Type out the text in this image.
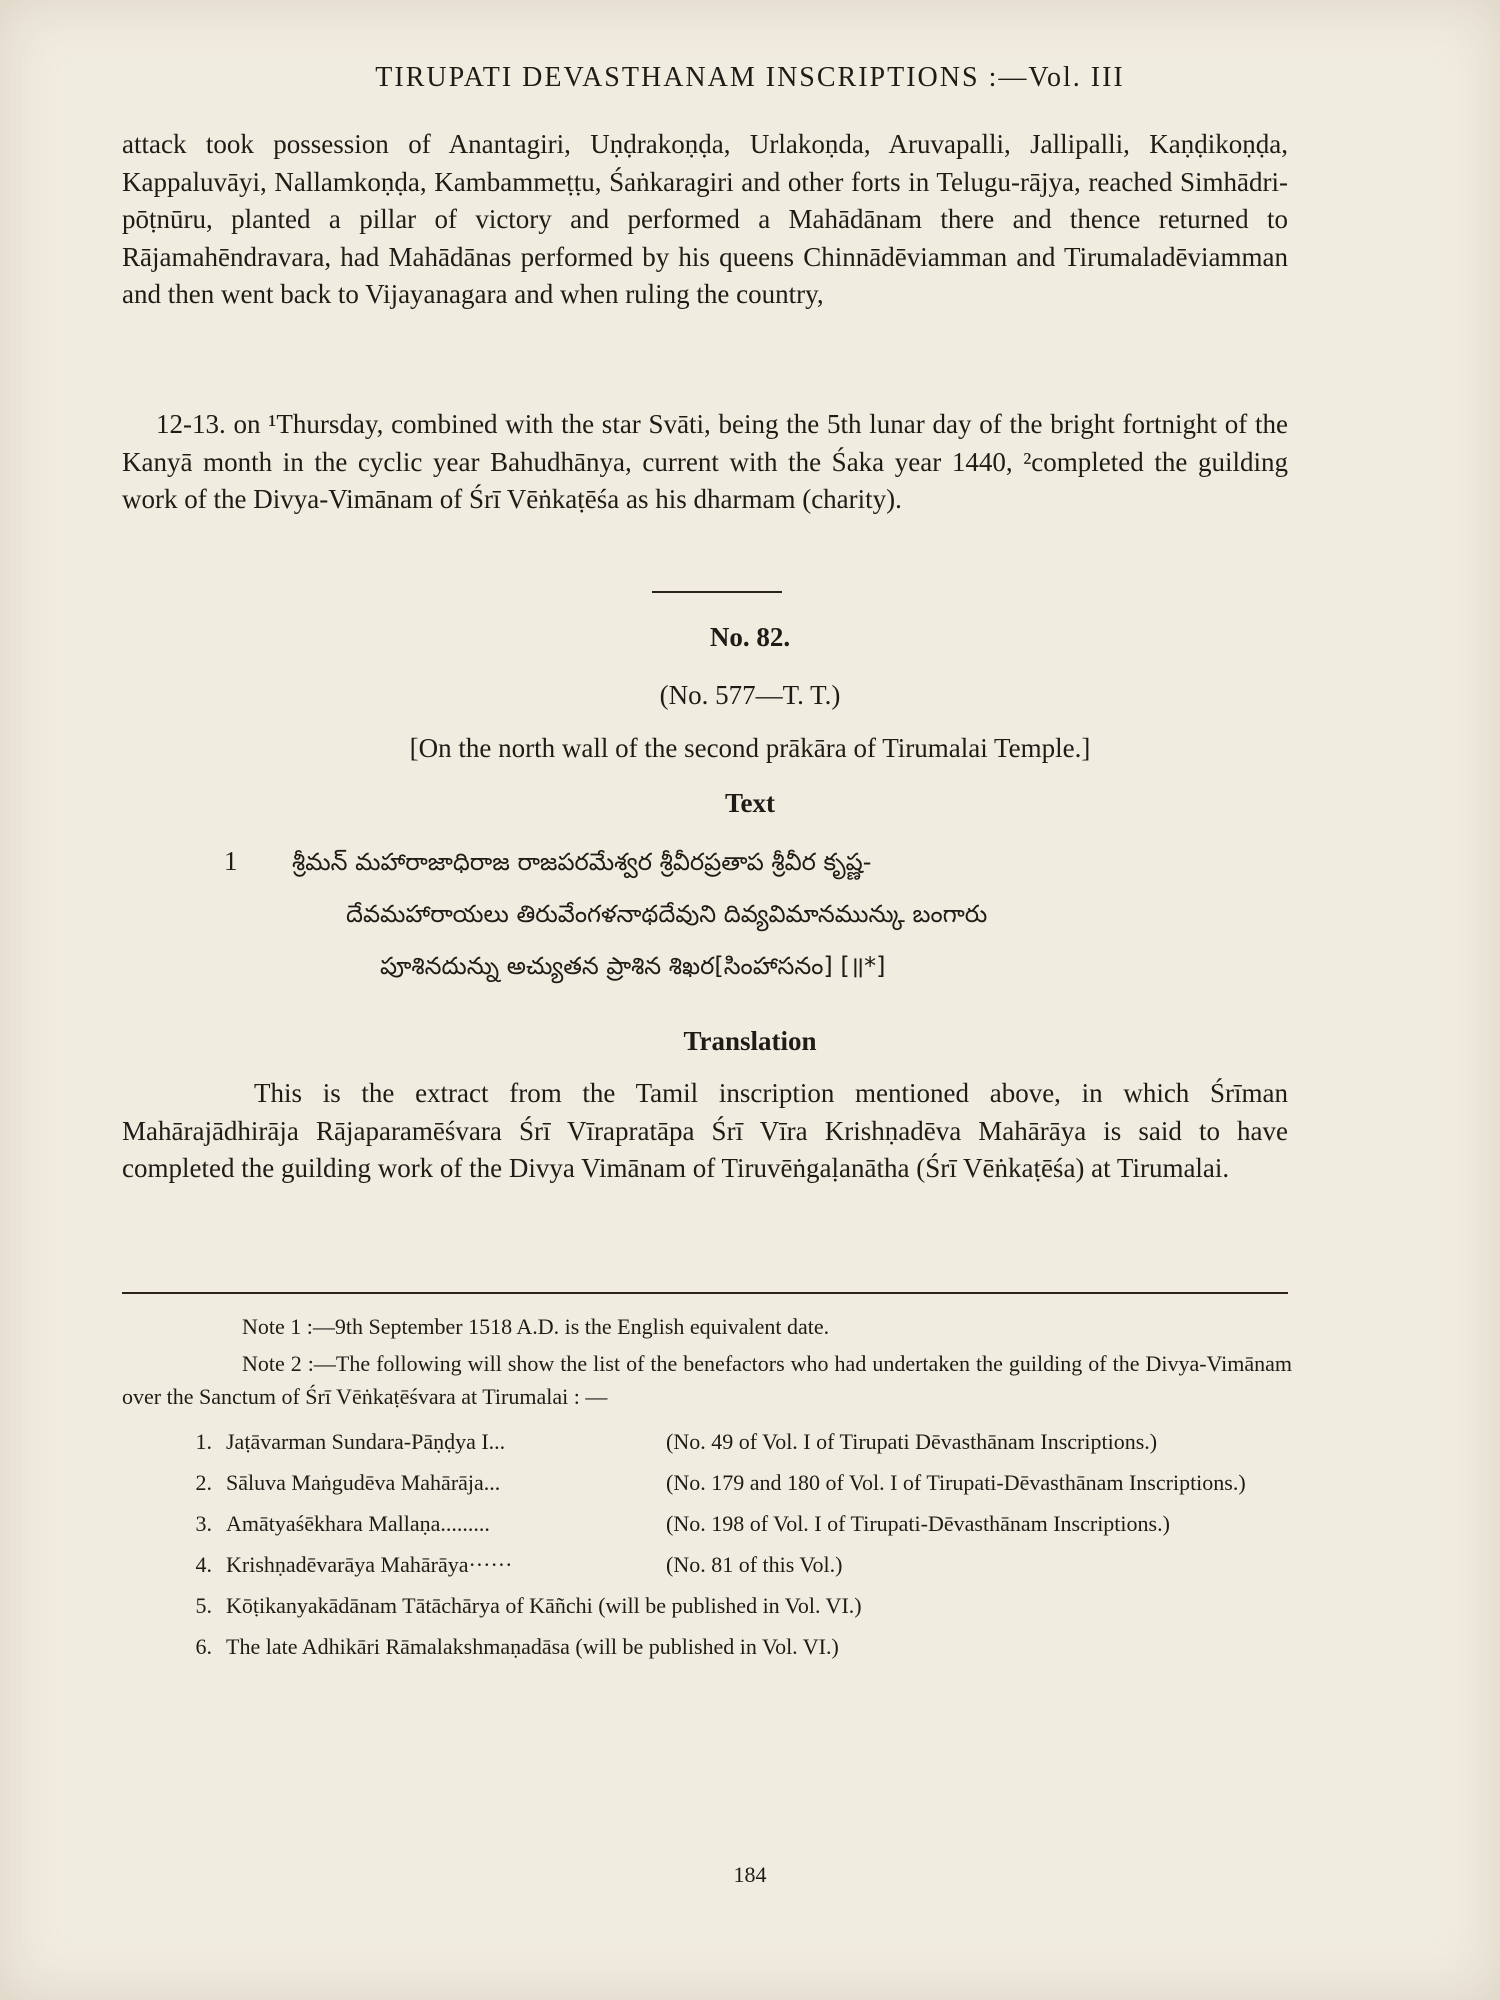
TIRUPATI DEVASTHANAM INSCRIPTIONS :—Vol. III

attack took possession of Anantagiri, Uṇḍrakoṇḍa, Urlakoṇda, Aruvapalli, Jallipalli, Kaṇḍikoṇḍa, Kappaluvāyi, Nallamkoṇḍa, Kambammeṭṭu, Śaṅkaragiri and other forts in Telugu-rājya, reached Simhādri-pōṭnūru, planted a pillar of victory and performed a Mahādānam there and thence returned to Rājamahēndravara, had Mahādānas performed by his queens Chinnādēviamman and Tirumaladēviamman and then went back to Vijayanagara and when ruling the country,

12-13. on ¹Thursday, combined with the star Svāti, being the 5th lunar day of the bright fortnight of the Kanyā month in the cyclic year Bahudhānya, current with the Śaka year 1440, ²completed the guilding work of the Divya-Vimānam of Śrī Vēṅkaṭēśa as his dharmam (charity).

No. 82.
(No. 577—T. T.)
[On the north wall of the second prākāra of Tirumalai Temple.]
Text
1 శ్రీమన్ మహారాజాధిరాజ రాజపరమేశ్వర శ్రీవీరప్రతాప శ్రీవీర కృష్ణ-
దేవమహారాయలు తిరువేంగళనాథదేవుని దివ్యవిమానమున్కు బంగారు
పూశినదున్ను అచ్యుతన ప్రాశిన శిఖర[సింహాసనం] [॥*]
Translation

This is the extract from the Tamil inscription mentioned above, in which Śrīman Mahārajādhirāja Rājaparamēśvara Śrī Vīrapratāpa Śrī Vīra Krishṇadēva Mahārāya is said to have completed the guilding work of the Divya Vimānam of Tiruvēṅgaḷanātha (Śrī Vēṅkaṭēśa) at Tirumalai.

Note 1 :—9th September 1518 A.D. is the English equivalent date.
Note 2 :—The following will show the list of the benefactors who had undertaken the guilding of the Divya-Vimānam over the Sanctum of Śrī Vēṅkaṭēśvara at Tirumalai : —
1. Jaṭāvarman Sundara-Pāṇḍya I...	(No. 49 of Vol. I of Tirupati Dēvasthānam Inscriptions.)
2. Sāluva Maṅgudēva Mahārāja...	(No. 179 and 180 of Vol. I of Tirupati-Dēvasthānam Inscriptions.)
3. Amātyaśēkhara Mallaṇa.........	(No. 198 of Vol. I of Tirupati-Dēvasthānam Inscriptions.)
4. Krishṇadēvarāya Mahārāya······	(No. 81 of this Vol.)
5. Kōṭikanyakādānam Tātāchārya of Kāñchi (will be published in Vol. VI.)
6. The late Adhikāri Rāmalakshmaṇadāsa (will be published in Vol. VI.)
184
